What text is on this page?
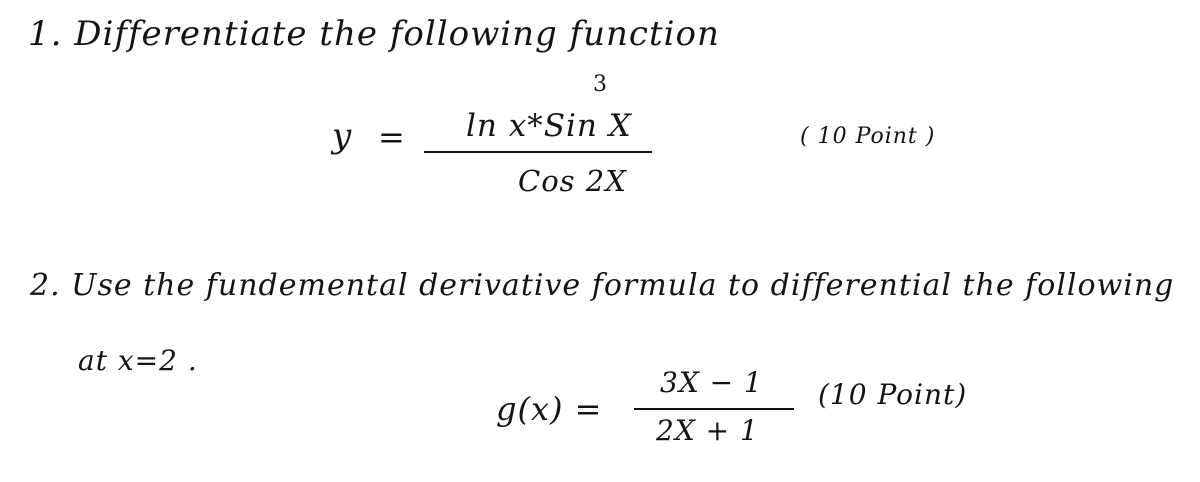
1. Differentiate the following function
y =
3
ln x*Sin X
Cos 2X
( 10 Point )
2. Use the fundemental derivative formula to differential the following
at x=2 .
g(x) =
3X − 1
2X + 1
(10 Point)
